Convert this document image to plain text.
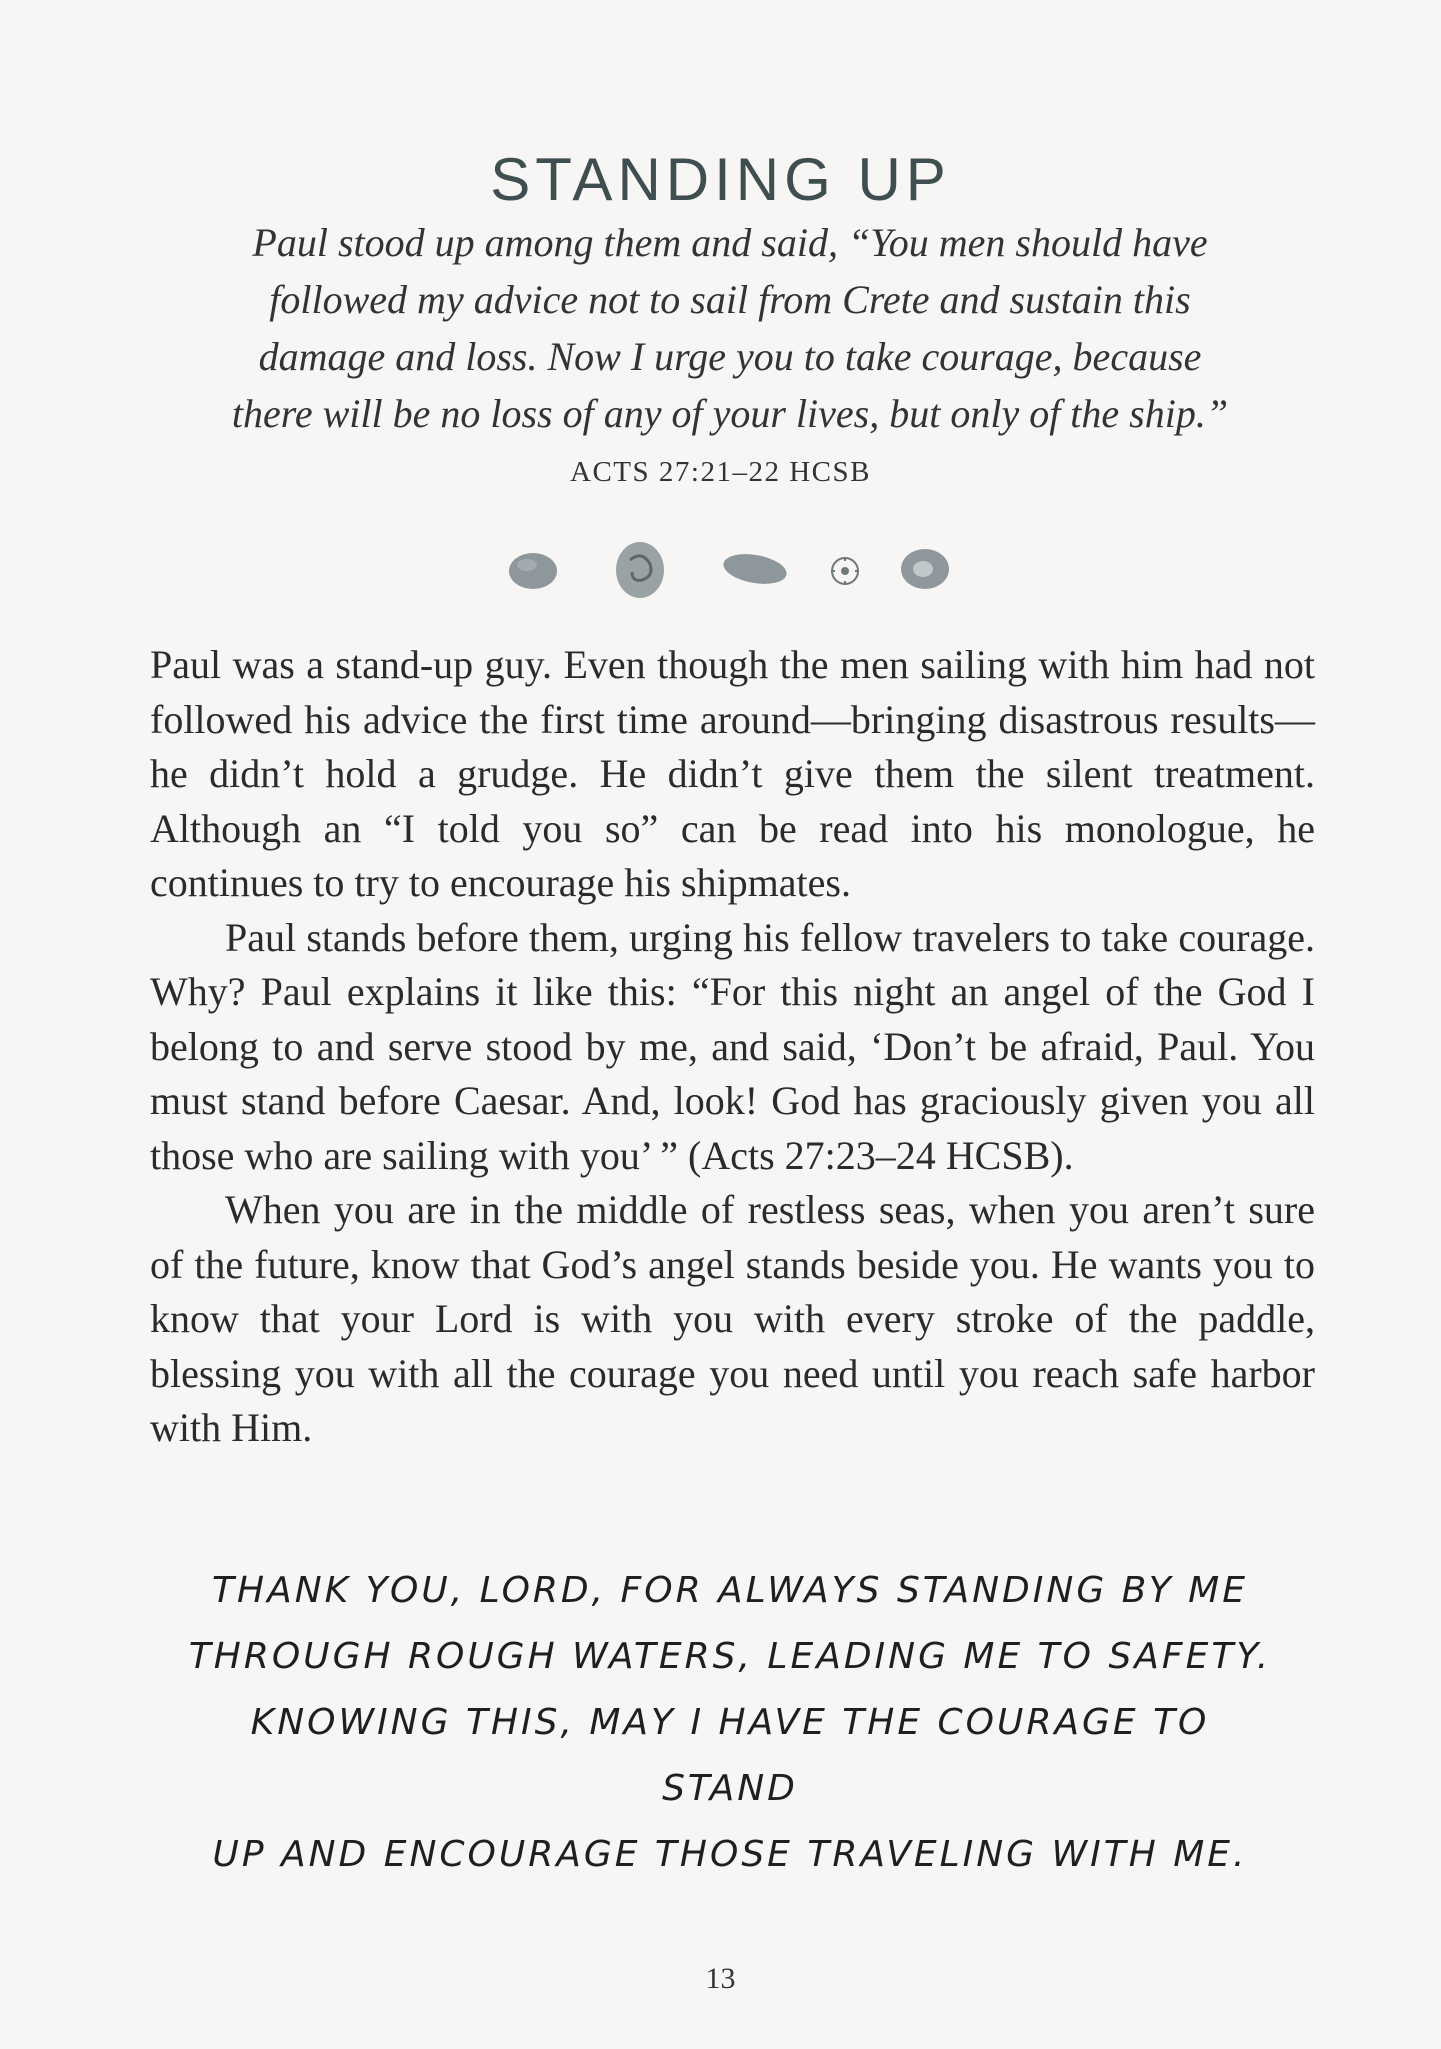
STANDING UP

Paul stood up among them and said, “You men should have

followed my advice not to sail from Crete and sustain this

damage and loss. Now I urge you to take courage, because

there will be no loss of any of your lives, but only of the ship.”

ACTS 27:21–22 HCSB

Paul was a stand-up guy. Even though the men sailing with him had not followed his advice the first time around—bringing disastrous results—he didn’t hold a grudge. He didn’t give them the silent treatment. Although an “I told you so” can be read into his monologue, he continues to try to encourage his shipmates.

Paul stands before them, urging his fellow travelers to take courage. Why? Paul explains it like this: “For this night an angel of the God I belong to and serve stood by me, and said, ‘Don’t be afraid, Paul. You must stand before Caesar. And, look! God has graciously given you all those who are sailing with you’ ” (Acts 27:23–24 HCSB).

When you are in the middle of restless seas, when you aren’t sure of the future, know that God’s angel stands beside you. He wants you to know that your Lord is with you with every stroke of the paddle, blessing you with all the courage you need until you reach safe harbor with Him.

THANK YOU, LORD, FOR ALWAYS STANDING BY ME

THROUGH ROUGH WATERS, LEADING ME TO SAFETY.

KNOWING THIS, MAY I HAVE THE COURAGE TO STAND

UP AND ENCOURAGE THOSE TRAVELING WITH ME.

13
